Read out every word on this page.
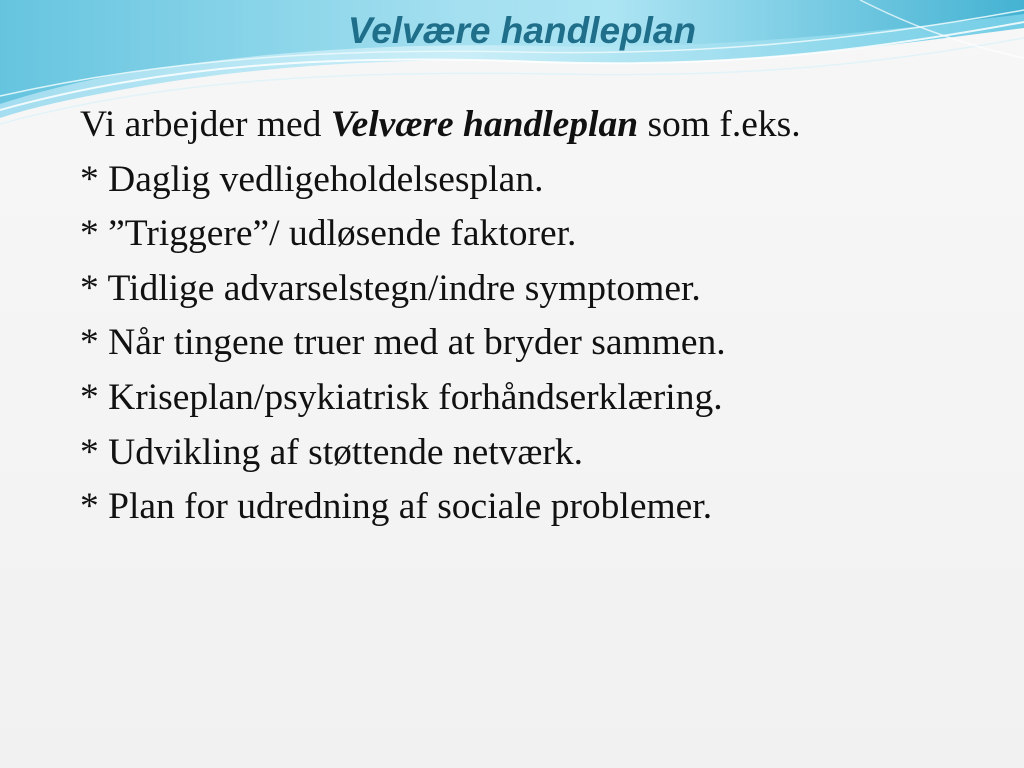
Velvære handleplan
Vi arbejder med Velvære handleplan som f.eks.
* Daglig vedligeholdelsesplan.
* ”Triggere”/ udløsende faktorer.
* Tidlige advarselstegn/indre symptomer.
* Når tingene truer med at bryder sammen.
* Kriseplan/psykiatrisk forhåndserklæring.
* Udvikling af støttende netværk.
* Plan for udredning af sociale problemer.
